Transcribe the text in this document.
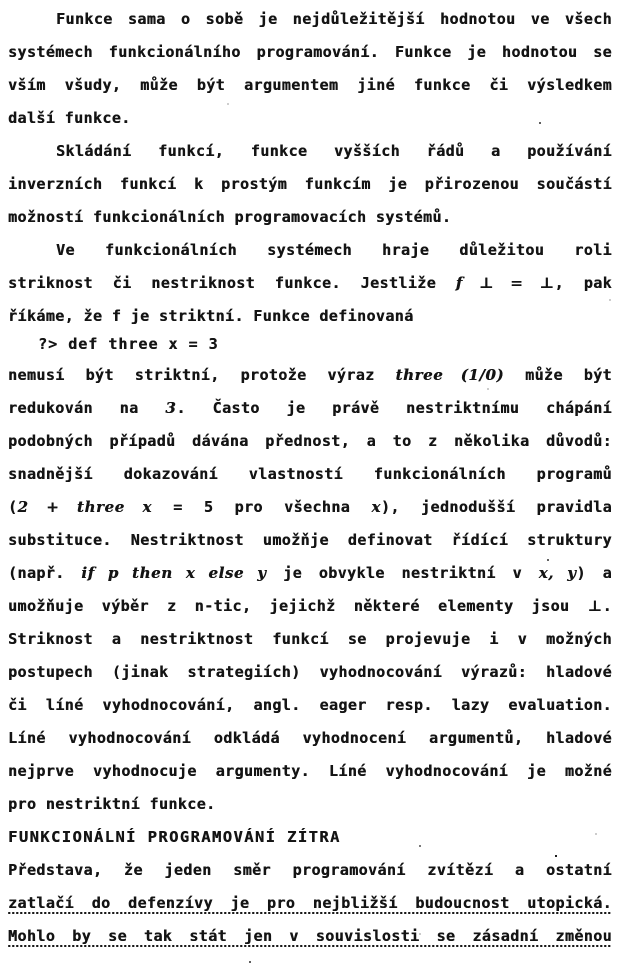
Funkce sama o sobě je nejdůležitější hodnotou ve všech
systémech funkcionálního programování. Funkce je hodnotou se
vším všudy, může být argumentem jiné funkce či výsledkem
další funkce.
Skládání funkcí, funkce vyšších řádů a používání
inverzních funkcí k prostým funkcím je přirozenou součástí
možností funkcionálních programovacích systémů.
Ve funkcionálních systémech hraje důležitou roli
striknost či nestriknost funkce. Jestliže f ⊥ = ⊥, pak
říkáme, že f je striktní. Funkce definovaná
?> def three x = 3
nemusí být striktní, protože výraz three (1/0) může být
redukován na 3. Často je právě nestriktnímu chápání
podobných případů dávána přednost, a to z několika důvodů:
snadnější dokazování vlastností funkcionálních programů
(2 + three x = 5 pro všechna x), jednodušší pravidla
substituce. Nestriktnost umožňje definovat řídící struktury
(např. if p then x else y je obvykle nestriktní v x, y) a
umožňuje výběr z n-tic, jejichž některé elementy jsou ⊥.
Striknost a nestriktnost funkcí se projevuje i v možných
postupech (jinak strategiích) vyhodnocování výrazů: hladové
či líné vyhodnocování, angl. eager resp. lazy evaluation.
Líné vyhodnocování odkládá vyhodnocení argumentů, hladové
nejprve vyhodnocuje argumenty. Líné vyhodnocování je možné
pro nestriktní funkce.
FUNKCIONÁLNÍ PROGRAMOVÁNÍ ZÍTRA
Představa, že jeden směr programování zvítězí a ostatní
zatlačí do defenzívy je pro nejbližší budoucnost utopická.
Mohlo by se tak stát jen v souvislosti se zásadní změnou
